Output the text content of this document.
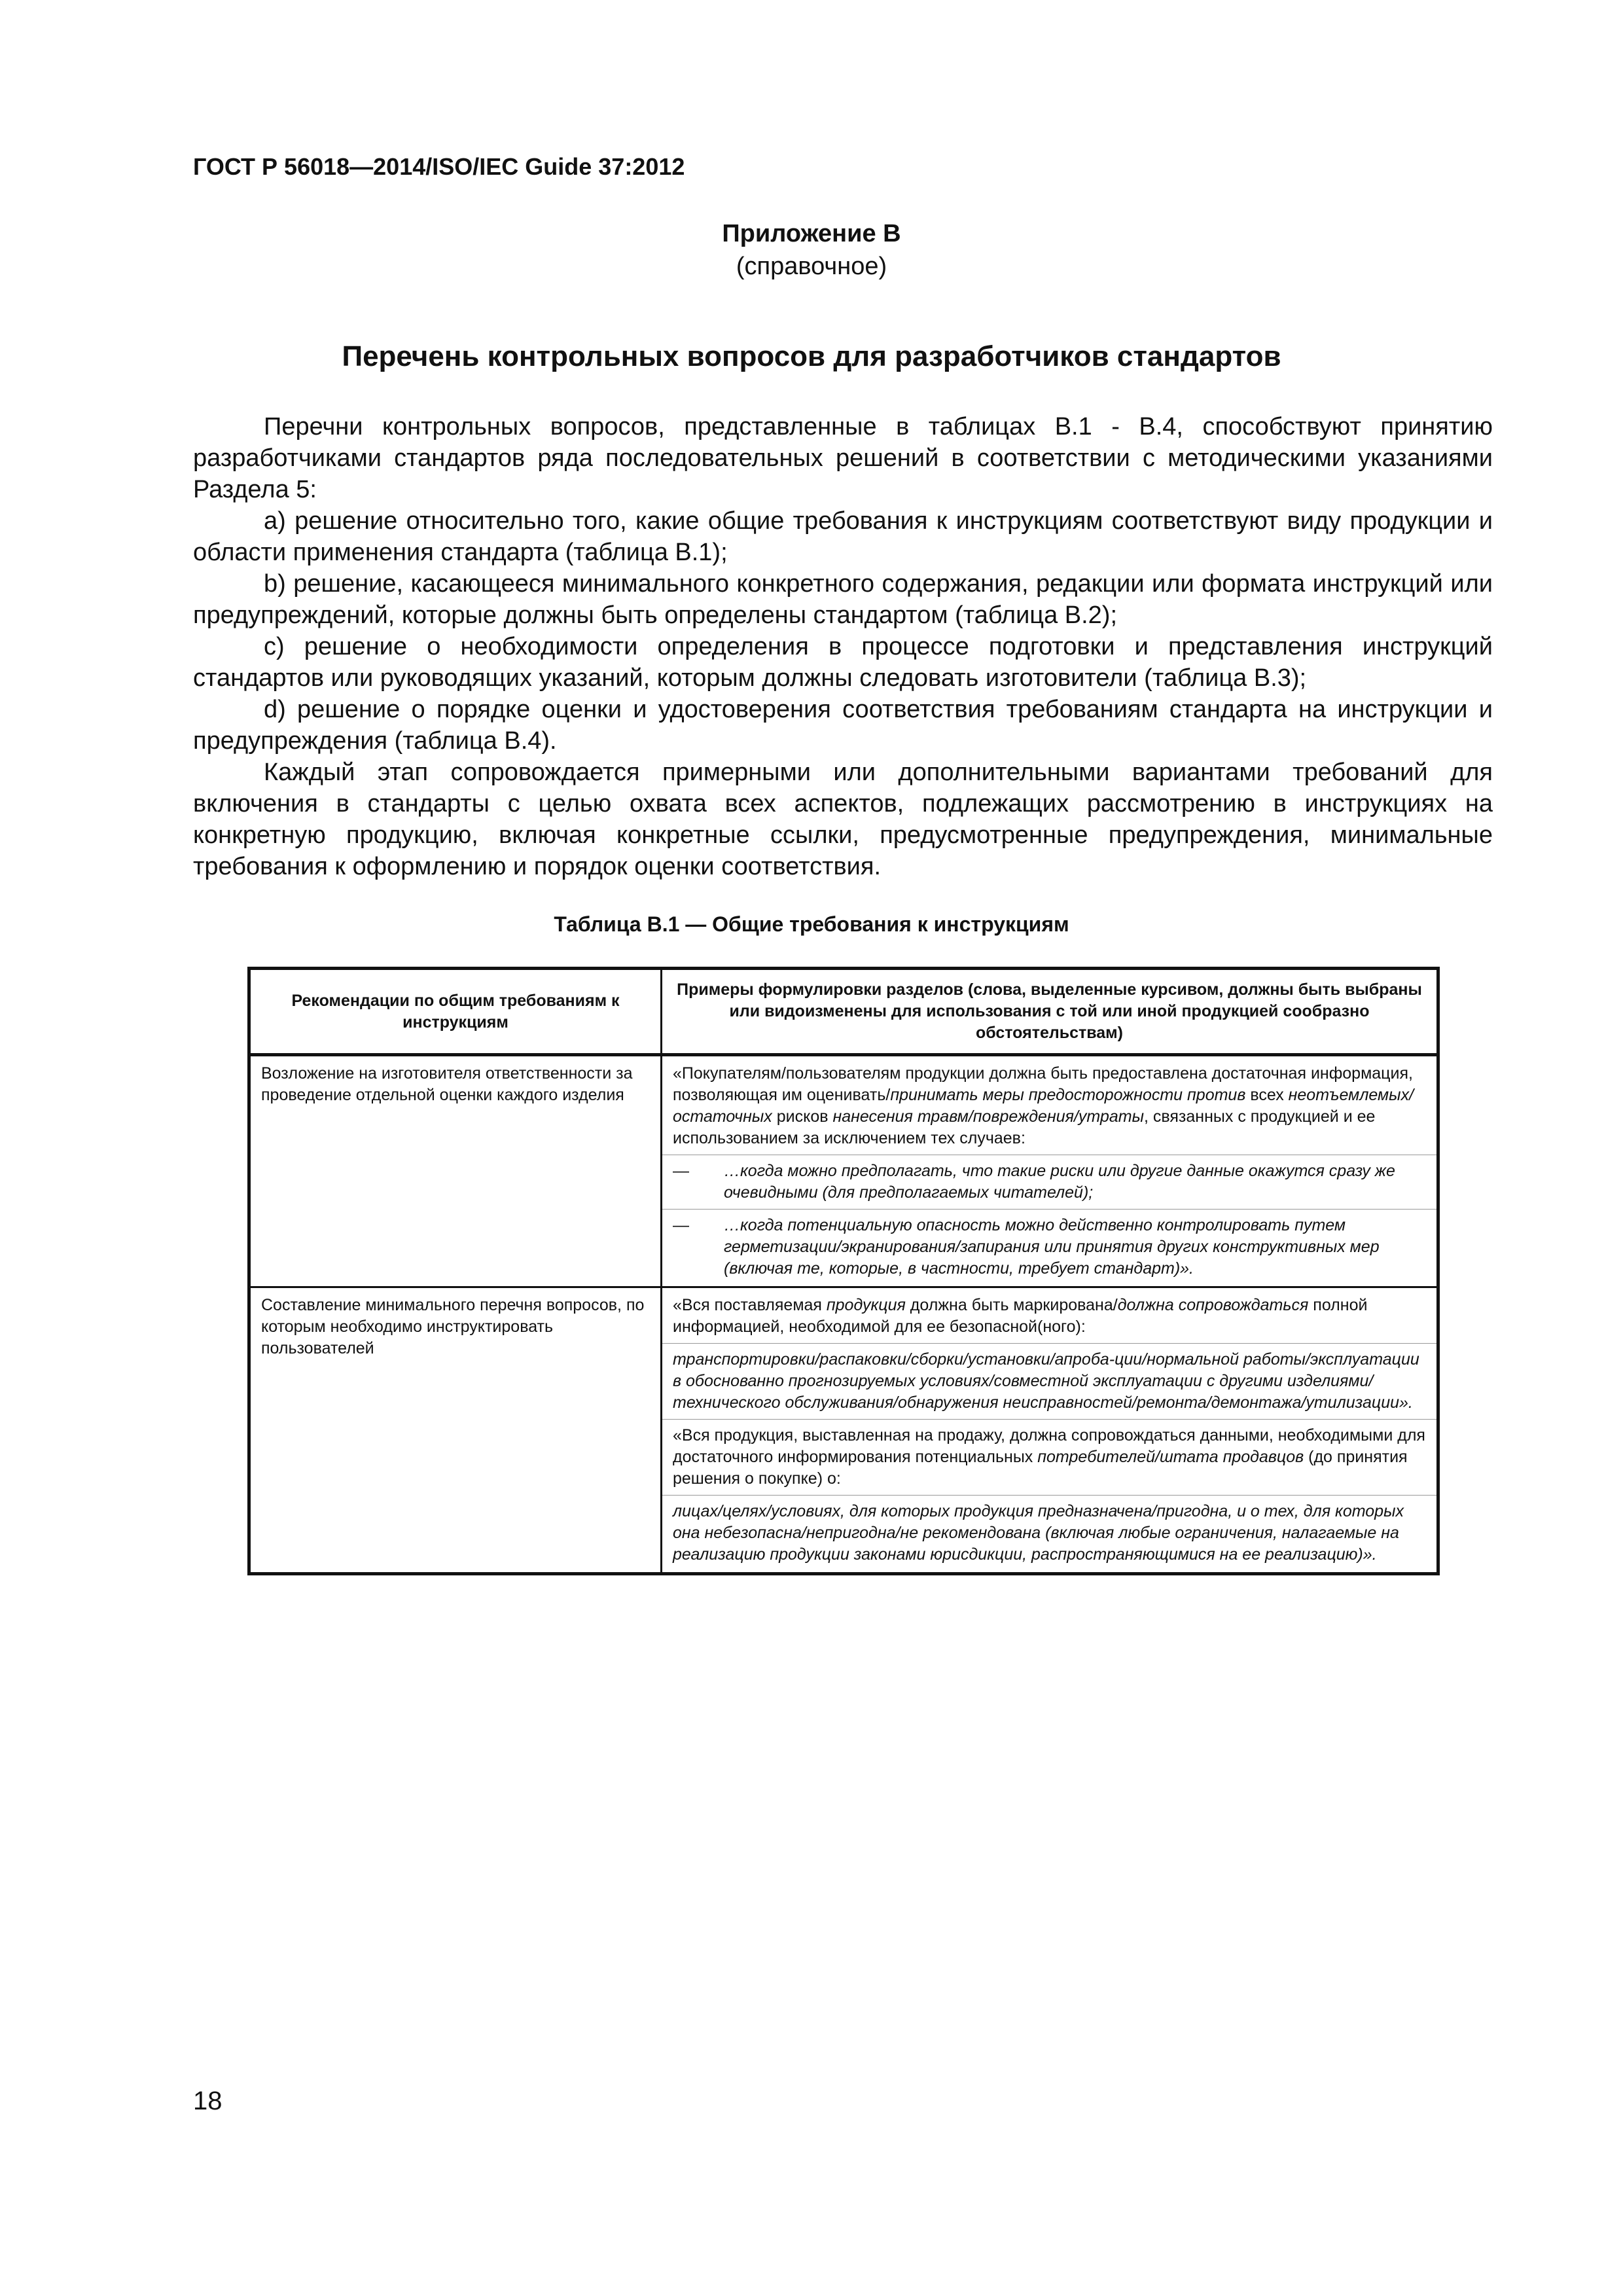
ГОСТ Р 56018—2014/ISO/IEC Guide 37:2012
Приложение В
(справочное)
Перечень контрольных вопросов для разработчиков стандартов

Перечни контрольных вопросов, представленные в таблицах В.1 - В.4, способствуют принятию разработчиками стандартов ряда последовательных решений в соответствии с методическими указаниями Раздела 5:

а) решение относительно того, какие общие требования к инструкциям соответствуют виду продукции и области применения стандарта (таблица В.1);

b) решение, касающееся минимального конкретного содержания, редакции или формата инструкций или предупреждений, которые должны быть определены стандартом (таблица В.2);

с) решение о необходимости определения в процессе подготовки и представления инструкций стандартов или руководящих указаний, которым должны следовать изготовители (таблица В.3);

d) решение о порядке оценки и удостоверения соответствия требованиям стандарта на инструкции и предупреждения (таблица В.4).

Каждый этап сопровождается примерными или дополнительными вариантами требований для включения в стандарты с целью охвата всех аспектов, подлежащих рассмотрению в инструкциях на конкретную продукцию, включая конкретные ссылки, предусмотренные предупреждения, минимальные требования к оформлению и порядок оценки соответствия.

Таблица В.1 — Общие требования к инструкциям
Рекомендации по общим требованиям к инструкциям	Примеры формулировки разделов (слова, выделенные курсивом, должны быть выбраны или видоизменены для использования с той или иной продукцией сообразно обстоятельствам)
Возложение на изготовителя ответственности за проведение отдельной оценки каждого изделия	«Покупателям/пользователям продукции должна быть предоставлена достаточная информация, позволяющая им оценивать/принимать меры предосторожности против всех неотъемлемых/остаточных рисков нанесения травм/повреждения/утраты, связанных с продукцией и ее использованием за исключением тех случаев:
— …когда можно предполагать, что такие риски или другие данные окажутся сразу же очевидными (для предполагаемых читателей);
— …когда потенциальную опасность можно действенно контролировать путем герметизации/экранирования/запирания или принятия других конструктивных мер (включая те, которые, в частности, требует стандарт)».

Составление минимального перечня вопросов, по которым необходимо инструктировать пользователей	«Вся поставляемая продукция должна быть маркирована/должна сопровождаться полной информацией, необходимой для ее безопасной(ного):
транспортировки/распаковки/сборки/установки/апроба-ции/нормальной работы/эксплуатации в обоснованно прогнозируемых условиях/совместной эксплуатации с другими изделиями/технического обслуживания/обнаружения неисправностей/ремонта/демонтажа/утилизации».
«Вся продукция, выставленная на продажу, должна сопровождаться данными, необходимыми для достаточного информирования потенциальных потребителей/штата продавцов (до принятия решения о покупке) о:
лицах/целях/условиях, для которых продукция предназначена/пригодна, и о тех, для которых она небезопасна/непригодна/не рекомендована (включая любые ограничения, налагаемые на реализацию продукции законами юрисдикции, распространяющимися на ее реализацию)».
18
